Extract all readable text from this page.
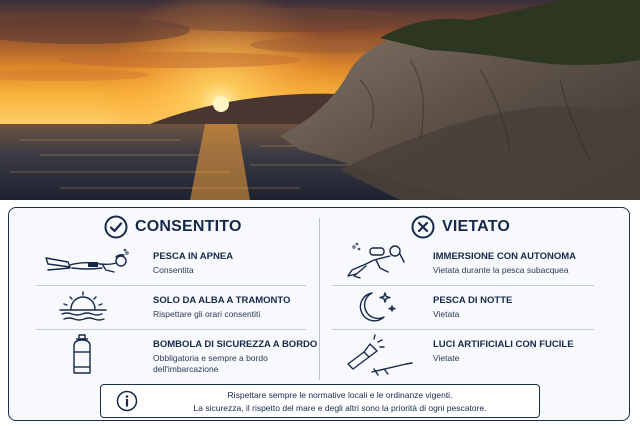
CONSENTITO	VIETATO
PESCA IN APNEA
Consentita
SOLO DA ALBA A TRAMONTO
Rispettare gli orari consentiti
BOMBOLA DI SICUREZZA A BORDO
Obbligatoria e sempre a bordo
dell'imbarcazione
IMMERSIONE CON AUTONOMA
Vietata durante la pesca subacquea
PESCA DI NOTTE
Vietata
LUCI ARTIFICIALI CON FUCILE
Vietate
Rispettare sempre le normative locali e le ordinanze vigenti.
La sicurezza, il rispetto del mare e degli altri sono la priorità di ogni pescatore.
